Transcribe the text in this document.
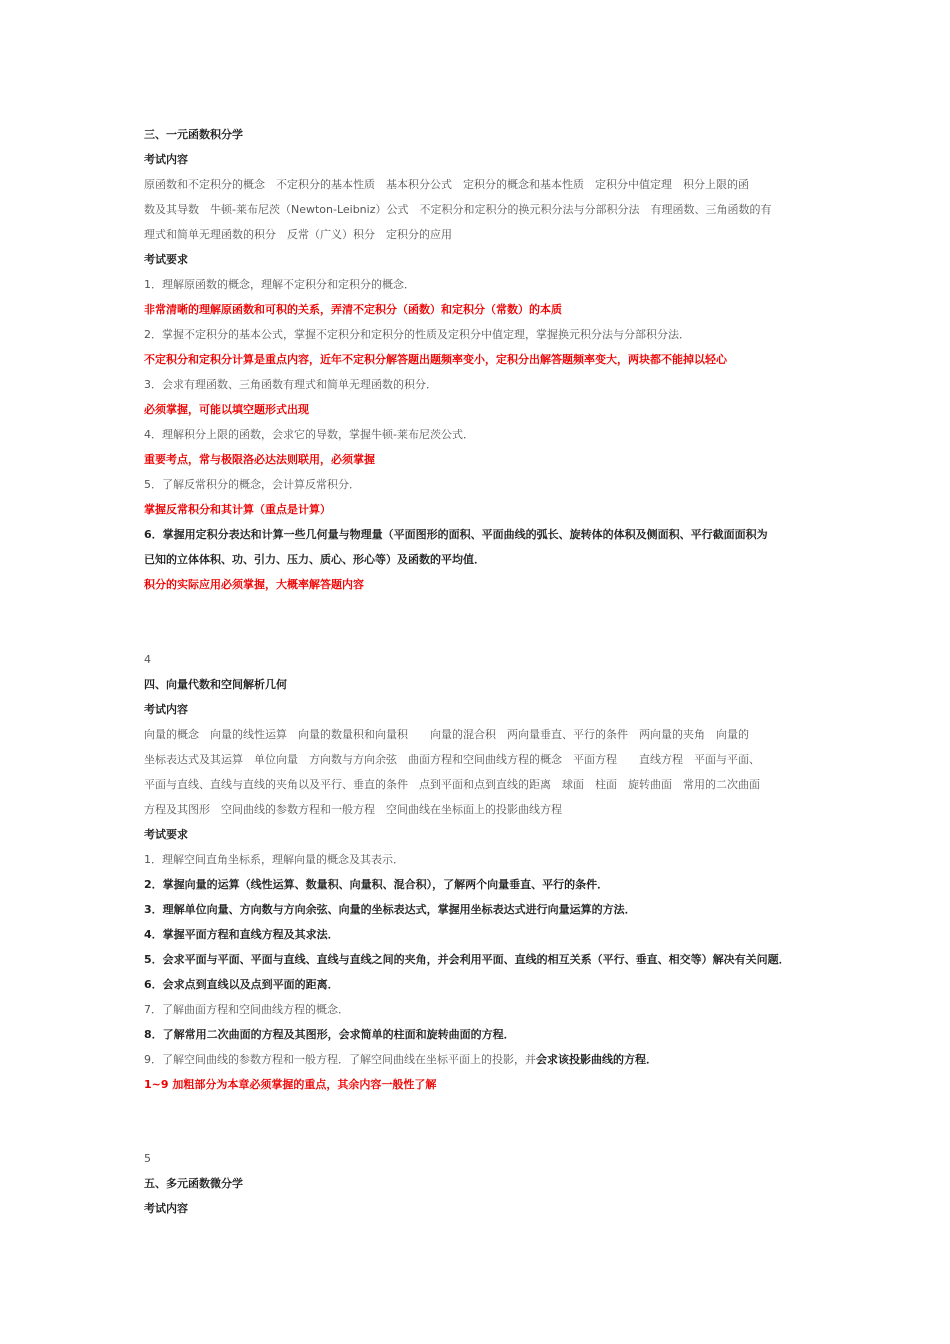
三、一元函数积分学
考试内容
原函数和不定积分的概念　不定积分的基本性质　基本积分公式　定积分的概念和基本性质　定积分中值定理　积分上限的函
数及其导数　牛顿-莱布尼茨（Newton-Leibniz）公式　不定积分和定积分的换元积分法与分部积分法　有理函数、三角函数的有
理式和简单无理函数的积分　反常（广义）积分　定积分的应用
考试要求
1．理解原函数的概念，理解不定积分和定积分的概念．
非常清晰的理解原函数和可积的关系，弄清不定积分（函数）和定积分（常数）的本质
2．掌握不定积分的基本公式，掌握不定积分和定积分的性质及定积分中值定理，掌握换元积分法与分部积分法．
不定积分和定积分计算是重点内容，近年不定积分解答题出题频率变小，定积分出解答题频率变大，两块都不能掉以轻心
3．会求有理函数、三角函数有理式和简单无理函数的积分．
必须掌握，可能以填空题形式出现
4．理解积分上限的函数，会求它的导数，掌握牛顿-莱布尼茨公式．
重要考点，常与极限洛必达法则联用，必须掌握
5．了解反常积分的概念，会计算反常积分．
掌握反常积分和其计算（重点是计算）
6．掌握用定积分表达和计算一些几何量与物理量（平面图形的面积、平面曲线的弧长、旋转体的体积及侧面积、平行截面面积为
已知的立体体积、功、引力、压力、质心、形心等）及函数的平均值．
积分的实际应用必须掌握，大概率解答题内容
4
四、向量代数和空间解析几何
考试内容
向量的概念　向量的线性运算　向量的数量积和向量积　　向量的混合积　两向量垂直、平行的条件　两向量的夹角　向量的
坐标表达式及其运算　单位向量　方向数与方向余弦　曲面方程和空间曲线方程的概念　平面方程　　直线方程　平面与平面、
平面与直线、直线与直线的夹角以及平行、垂直的条件　点到平面和点到直线的距离　球面　柱面　旋转曲面　常用的二次曲面
方程及其图形　空间曲线的参数方程和一般方程　空间曲线在坐标面上的投影曲线方程
考试要求
1．理解空间直角坐标系，理解向量的概念及其表示．
2．掌握向量的运算（线性运算、数量积、向量积、混合积），了解两个向量垂直、平行的条件．
3．理解单位向量、方向数与方向余弦、向量的坐标表达式，掌握用坐标表达式进行向量运算的方法．
4．掌握平面方程和直线方程及其求法．
5．会求平面与平面、平面与直线、直线与直线之间的夹角，并会利用平面、直线的相互关系（平行、垂直、相交等）解决有关问题．
6．会求点到直线以及点到平面的距离．
7．了解曲面方程和空间曲线方程的概念．
8．了解常用二次曲面的方程及其图形，会求简单的柱面和旋转曲面的方程．
9．了解空间曲线的参数方程和一般方程．了解空间曲线在坐标平面上的投影，并会求该投影曲线的方程．
1~9 加粗部分为本章必须掌握的重点，其余内容一般性了解
5
五、多元函数微分学
考试内容
